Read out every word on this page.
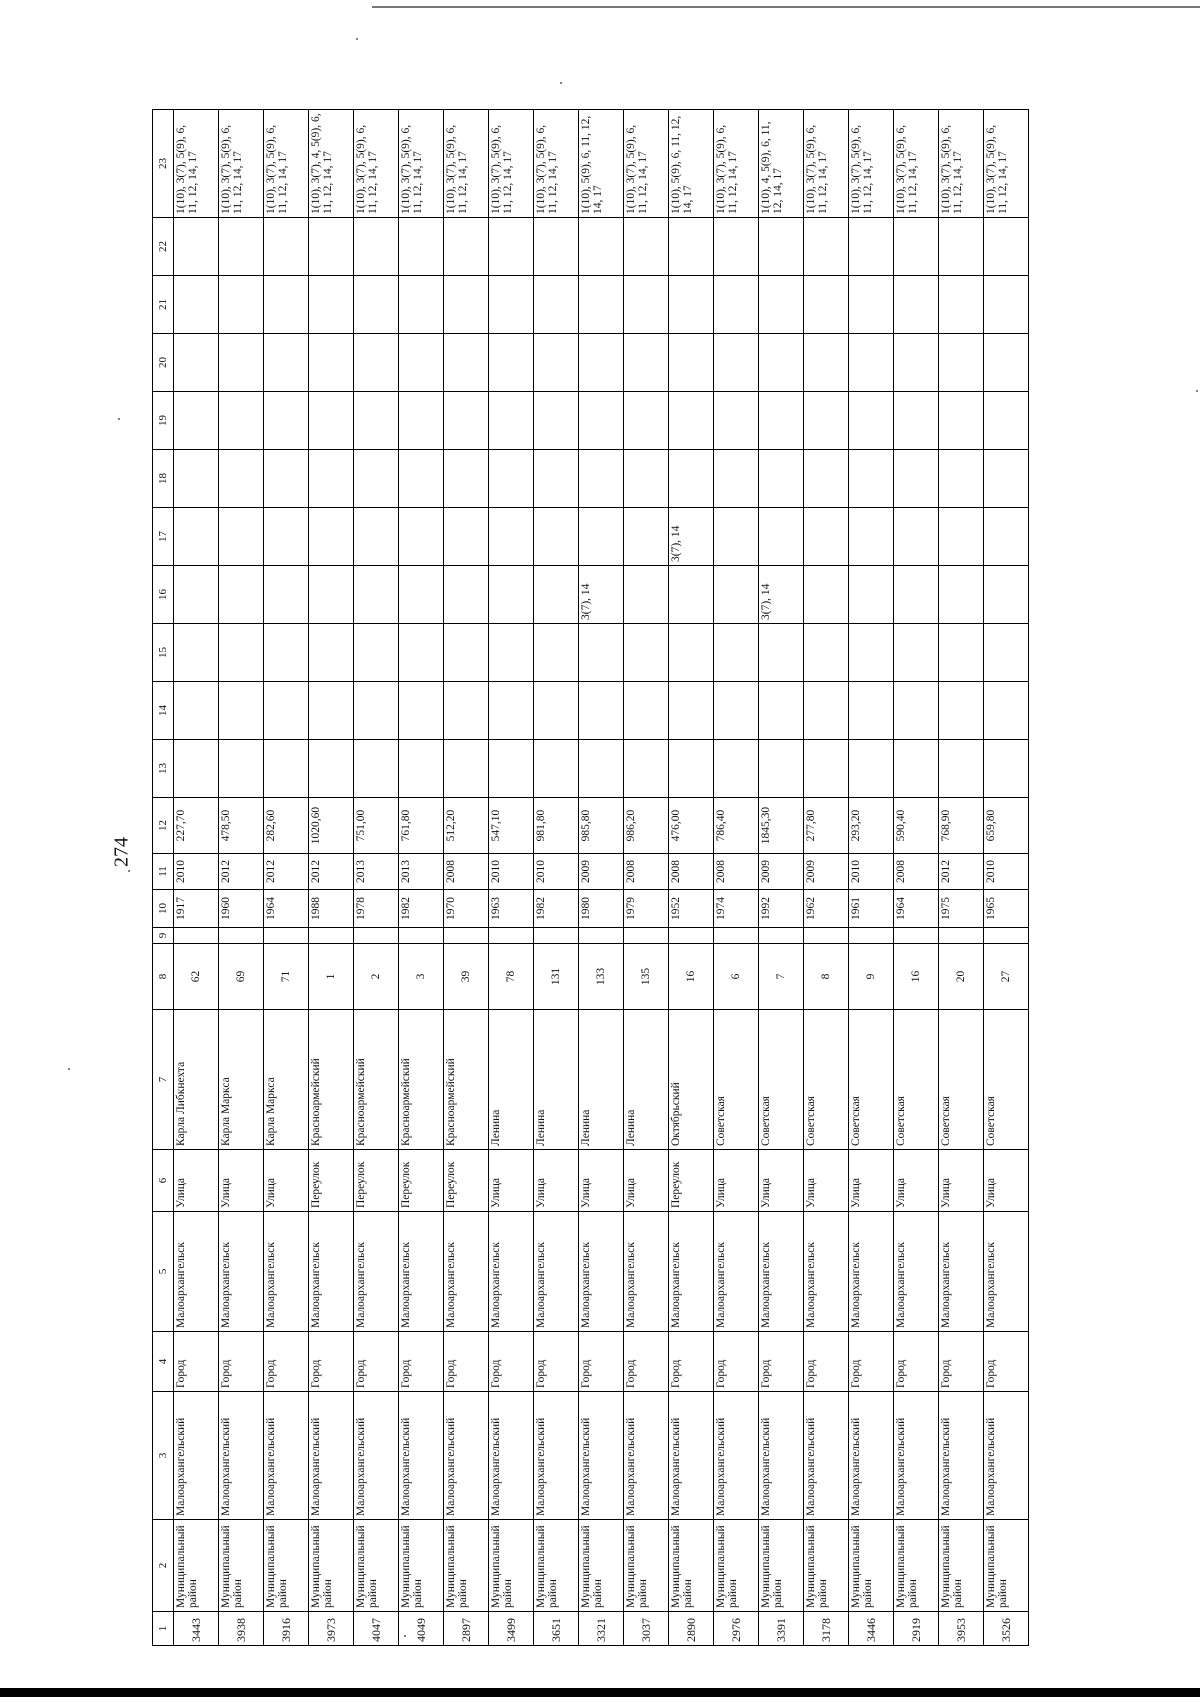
274
1	2	3	4	5	6	7	8	9	10	11	12	13	14	15	16	17	18	19	20	21	22	23
3443	Муниципальный район	Малоархангельский	Город	Малоархангельск	Улица	Карла Либкнехта	62		1917	2010	227,70											1(10), 3(7), 5(9), 6, 11, 12, 14, 17
3938	Муниципальный район	Малоархангельский	Город	Малоархангельск	Улица	Карла Маркса	69		1960	2012	478,50											1(10), 3(7), 5(9), 6, 11, 12, 14, 17
3916	Муниципальный район	Малоархангельский	Город	Малоархангельск	Улица	Карла Маркса	71		1964	2012	282,60											1(10), 3(7), 5(9), 6, 11, 12, 14, 17
3973	Муниципальный район	Малоархангельский	Город	Малоархангельск	Переулок	Красноармейский	1		1988	2012	1020,60											1(10), 3(7), 4, 5(9), 6, 11, 12, 14, 17
4047	Муниципальный район	Малоархангельский	Город	Малоархангельск	Переулок	Красноармейский	2		1978	2013	751,00											1(10), 3(7), 5(9), 6, 11, 12, 14, 17
4049	Муниципальный район	Малоархангельский	Город	Малоархангельск	Переулок	Красноармейский	3		1982	2013	761,80											1(10), 3(7), 5(9), 6, 11, 12, 14, 17
2897	Муниципальный район	Малоархангельский	Город	Малоархангельск	Переулок	Красноармейский	39		1970	2008	512,20											1(10), 3(7), 5(9), 6, 11, 12, 14, 17
3499	Муниципальный район	Малоархангельский	Город	Малоархангельск	Улица	Ленина	78		1963	2010	547,10											1(10), 3(7), 5(9), 6, 11, 12, 14, 17
3651	Муниципальный район	Малоархангельский	Город	Малоархангельск	Улица	Ленина	131		1982	2010	981,80											1(10), 3(7), 5(9), 6, 11, 12, 14, 17
3321	Муниципальный район	Малоархангельский	Город	Малоархангельск	Улица	Ленина	133		1980	2009	985,80				3(7), 14							1(10), 5(9), 6, 11, 12, 14, 17
3037	Муниципальный район	Малоархангельский	Город	Малоархангельск	Улица	Ленина	135		1979	2008	986,20											1(10), 3(7), 5(9), 6, 11, 12, 14, 17
2890	Муниципальный район	Малоархангельский	Город	Малоархангельск	Переулок	Октябрьский	16		1952	2008	476,00					3(7), 14						1(10), 5(9), 6, 11, 12, 14, 17
2976	Муниципальный район	Малоархангельский	Город	Малоархангельск	Улица	Советская	6		1974	2008	786,40											1(10), 3(7), 5(9), 6, 11, 12, 14, 17
3391	Муниципальный район	Малоархангельский	Город	Малоархангельск	Улица	Советская	7		1992	2009	1845,30				3(7), 14							1(10), 4, 5(9), 6, 11, 12, 14, 17
3178	Муниципальный район	Малоархангельский	Город	Малоархангельск	Улица	Советская	8		1962	2009	277,80											1(10), 3(7), 5(9), 6, 11, 12, 14, 17
3446	Муниципальный район	Малоархангельский	Город	Малоархангельск	Улица	Советская	9		1961	2010	293,20											1(10), 3(7), 5(9), 6, 11, 12, 14, 17
2919	Муниципальный район	Малоархангельский	Город	Малоархангельск	Улица	Советская	16		1964	2008	590,40											1(10), 3(7), 5(9), 6, 11, 12, 14, 17
3953	Муниципальный район	Малоархангельский	Город	Малоархангельск	Улица	Советская	20		1975	2012	768,90											1(10), 3(7), 5(9), 6, 11, 12, 14, 17
3526	Муниципальный район	Малоархангельский	Город	Малоархангельск	Улица	Советская	27		1965	2010	659,80											1(10), 3(7), 5(9), 6, 11, 12, 14, 17
